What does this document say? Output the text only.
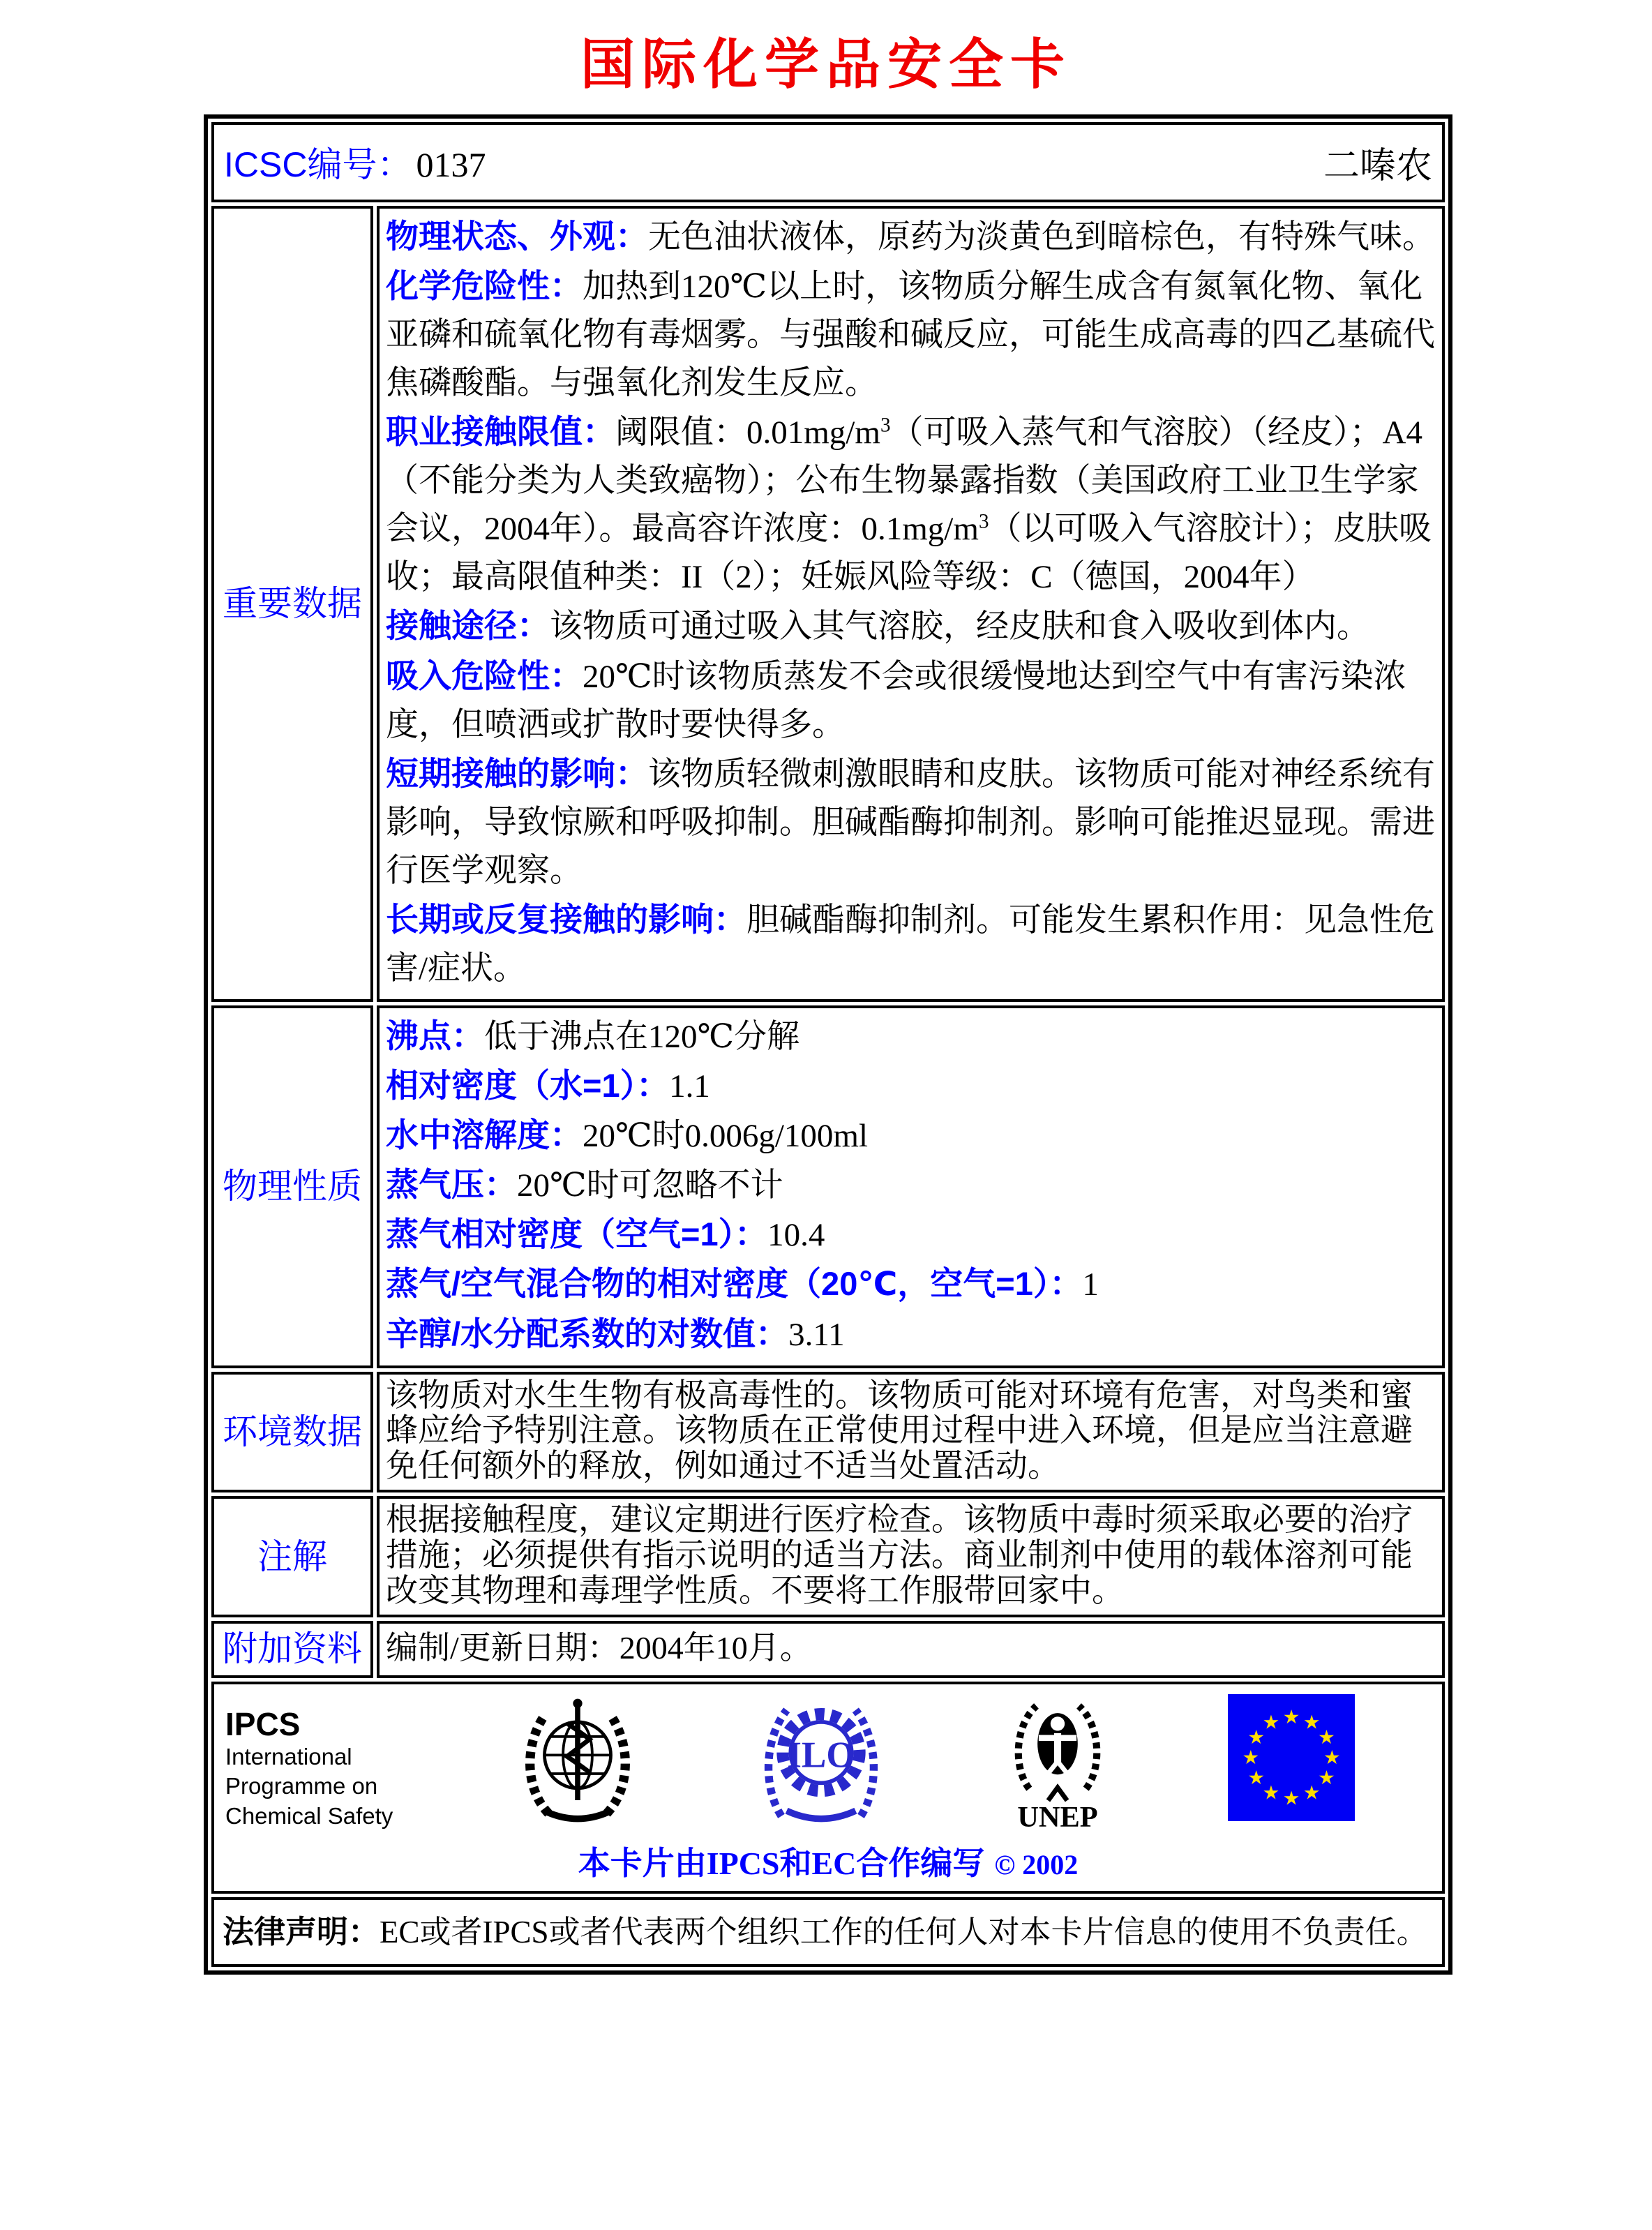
国际化学品安全卡
ICSC编号： 0137	二嗪农
重要数据

物理状态、外观：无色油状液体，原药为淡黄色到暗棕色，有特殊气味。

化学危险性：加热到120℃以上时，该物质分解生成含有氮氧化物、氧化亚磷和硫氧化物有毒烟雾。与强酸和碱反应，可能生成高毒的四乙基硫代焦磷酸酯。与强氧化剂发生反应。

职业接触限值：阈限值：$0.01mg/m^3$（可吸入蒸气和气溶胶）（经皮）；A4（不能分类为人类致癌物）；公布生物暴露指数（美国政府工业卫生学家会议，2004年）。最高容许浓度：$0.1mg/m^3$（以可吸入气溶胶计）；皮肤吸收；最高限值种类：II（2）；妊娠风险等级：C（德国，2004年）

接触途径：该物质可通过吸入其气溶胶，经皮肤和食入吸收到体内。

吸入危险性：20℃时该物质蒸发不会或很缓慢地达到空气中有害污染浓度，但喷洒或扩散时要快得多。

短期接触的影响：该物质轻微刺激眼睛和皮肤。该物质可能对神经系统有影响，导致惊厥和呼吸抑制。胆碱酯酶抑制剂。影响可能推迟显现。需进行医学观察。

长期或反复接触的影响：胆碱酯酶抑制剂。可能发生累积作用：见急性危害/症状。

物理性质

沸点：低于沸点在120℃分解

相对密度（水=1）：1.1

水中溶解度：20℃时0.006g/100ml

蒸气压：20℃时可忽略不计

蒸气相对密度（空气=1）：10.4

蒸气/空气混合物的相对密度（20℃，空气=1）：1

辛醇/水分配系数的对数值：3.11

环境数据

该物质对水生生物有极高毒性的。该物质可能对环境有危害，对鸟类和蜜蜂应给予特别注意。该物质在正常使用过程中进入环境，但是应当注意避免任何额外的释放，例如通过不适当处置活动。

注解

根据接触程度，建议定期进行医疗检查。该物质中毒时须采取必要的治疗措施；必须提供有指示说明的适当方法。商业制剂中使用的载体溶剂可能改变其物理和毒理学性质。不要将工作服带回家中。

附加资料 编制/更新日期：2004年10月。

IPCS
International
Programme on
Chemical Safety
ILO
UNEP
★ ★
★
★
★
★
★
★
★
★
★
★
本卡片由IPCS和EC合作编写 © 2002
法律声明：EC或者IPCS或者代表两个组织工作的任何人对本卡片信息的使用不负责任。
